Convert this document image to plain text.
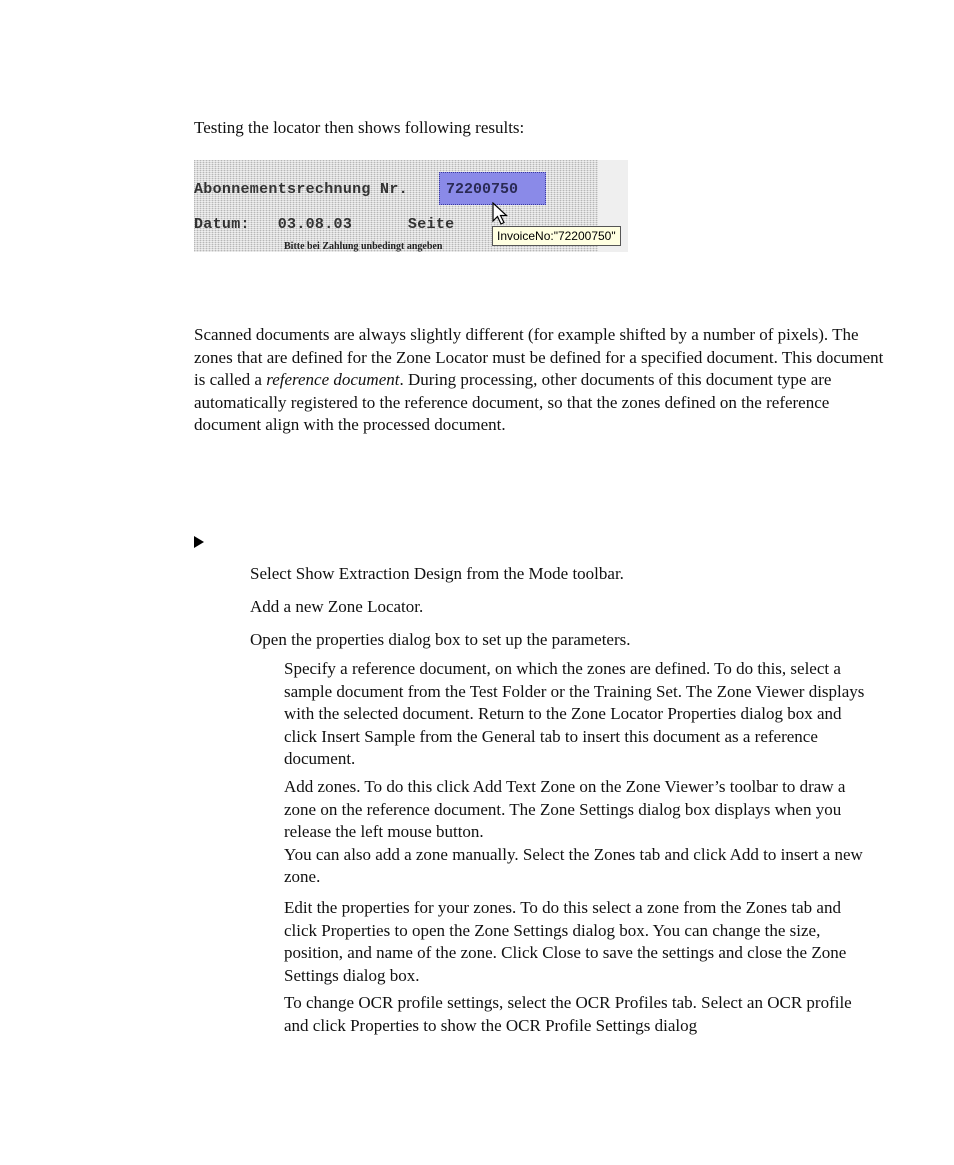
Testing the locator then shows following results:

Abonnementsrechnung Nr.	72200750
Datum:   03.08.03      Seite
Bitte bei Zahlung unbedingt angeben
InvoiceNo:"72200750"

Scanned documents are always slightly different (for example shifted by a number of pixels). The zones that are defined for the Zone Locator must be defined for a specified document. This document is called a reference document. During processing, other documents of this document type are automatically registered to the reference document, so that the zones defined on the reference document align with the processed document.

Select Show Extraction Design from the Mode toolbar.

Add a new Zone Locator.

Open the properties dialog box to set up the parameters.

Specify a reference document, on which the zones are defined. To do this, select a sample document from the Test Folder or the Training Set. The Zone Viewer displays with the selected document. Return to the Zone Locator Properties dialog box and click Insert Sample from the General tab to insert this document as a reference document.

Add zones. To do this click Add Text Zone on the Zone Viewer’s toolbar to draw a zone on the reference document. The Zone Settings dialog box displays when you release the left mouse button.
You can also add a zone manually. Select the Zones tab and click Add to insert a new zone.

Edit the properties for your zones. To do this select a zone from the Zones tab and click Properties to open the Zone Settings dialog box. You can change the size, position, and name of the zone. Click Close to save the settings and close the Zone Settings dialog box.

To change OCR profile settings, select the OCR Profiles tab. Select an OCR profile and click Properties to show the OCR Profile Settings dialog
